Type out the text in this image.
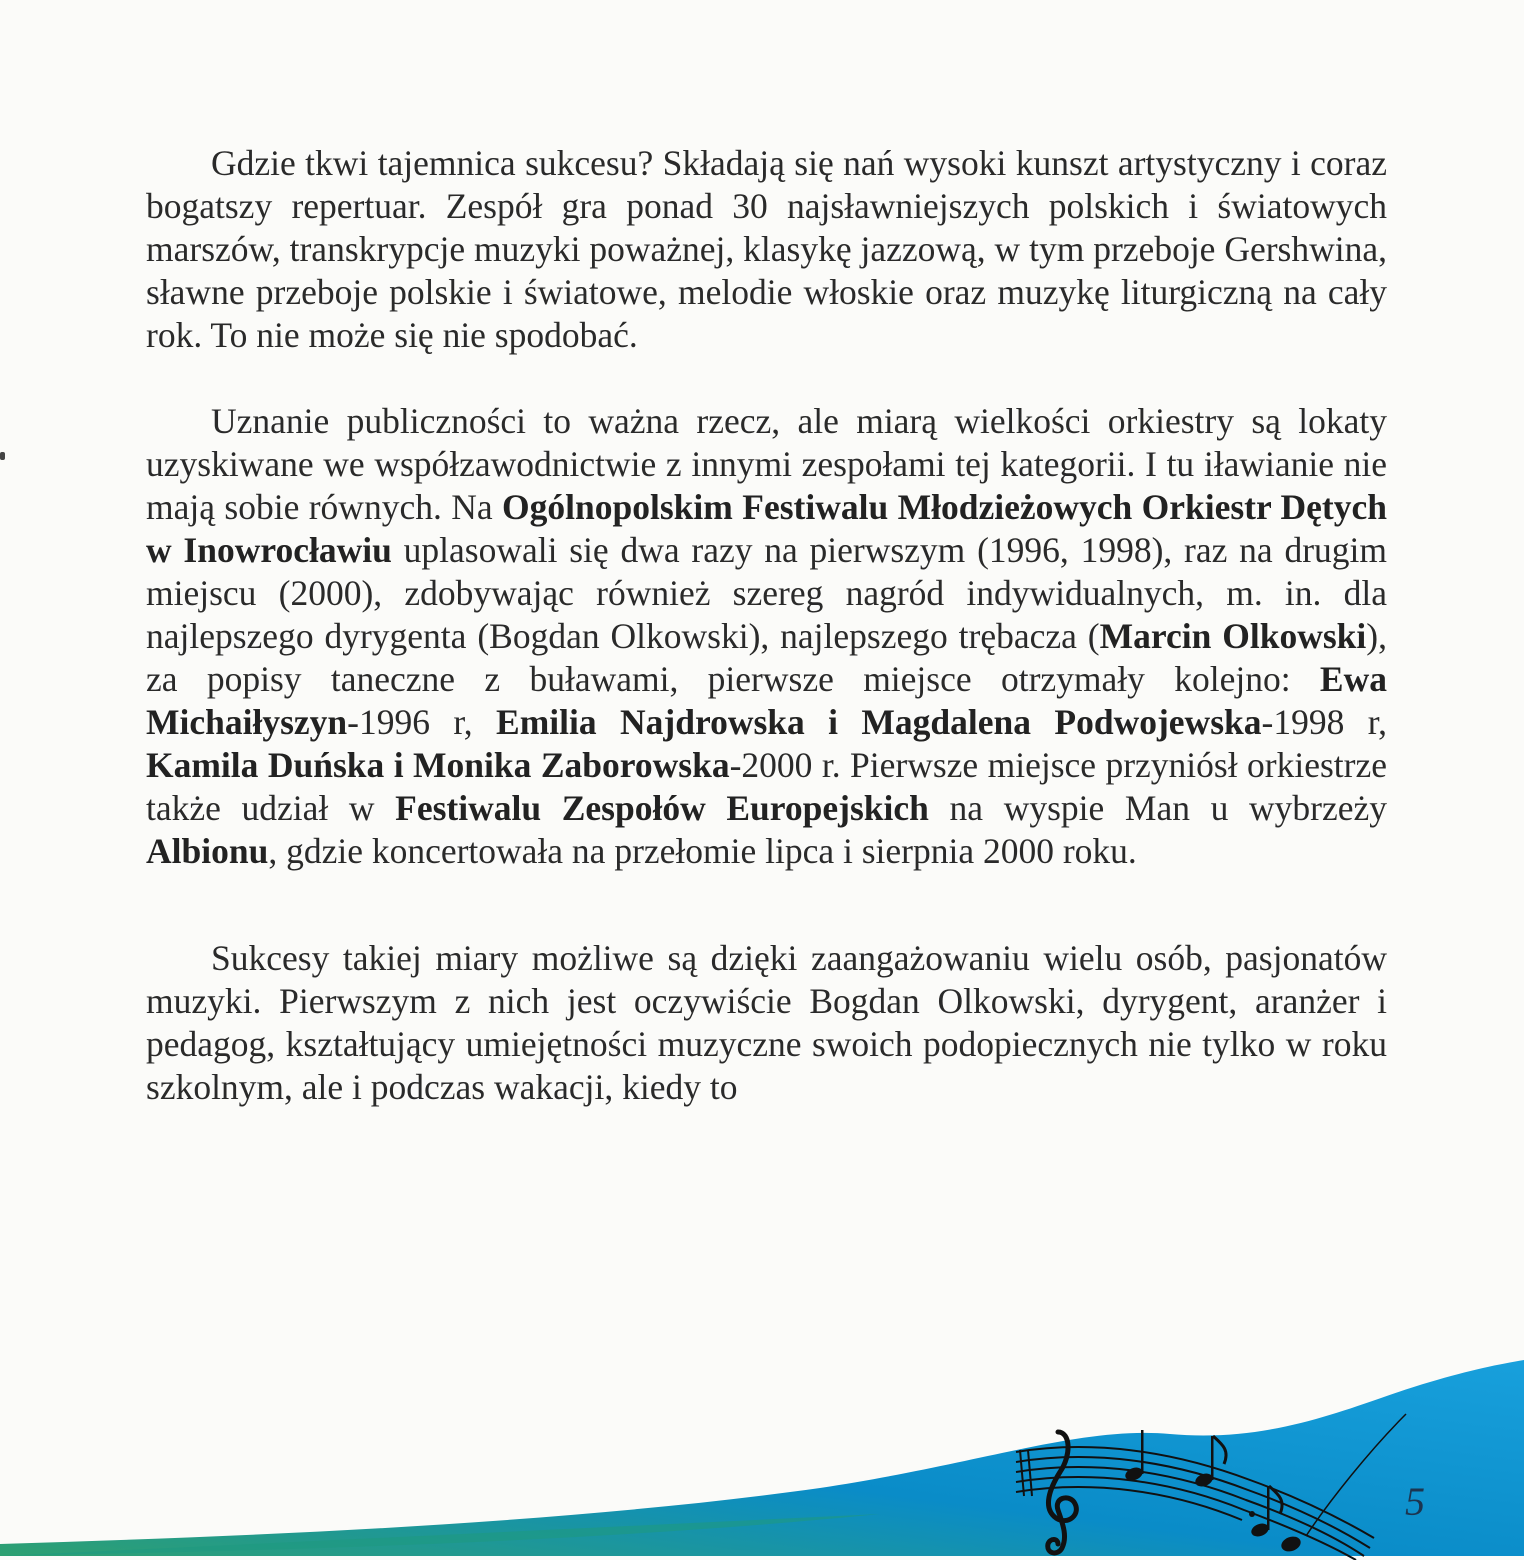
Gdzie tkwi tajemnica sukcesu? Składają się nań wysoki kunszt artystyczny i coraz bogatszy repertuar. Zespół gra ponad 30 najsławniejszych polskich i światowych marszów, transkrypcje muzyki poważnej, klasykę jazzową, w tym przeboje Gershwina, sławne przeboje polskie i światowe, melodie włoskie oraz muzykę liturgiczną na cały rok. To nie może się nie spodobać.

Uznanie publiczności to ważna rzecz, ale miarą wielkości orkiestry są lokaty uzyskiwane we współzawodnictwie z innymi zespołami tej kategorii. I tu iławianie nie mają sobie równych. Na Ogólnopolskim Festiwalu Młodzieżowych Orkiestr Dętych w Inowrocławiu uplasowali się dwa razy na pierwszym (1996, 1998), raz na drugim miejscu (2000), zdobywając również szereg nagród indywidualnych, m. in. dla najlepszego dyrygenta (Bogdan Olkowski), najlepszego trębacza (Marcin Olkowski), za popisy taneczne z buławami, pierwsze miejsce otrzymały kolejno: Ewa Michaiłyszyn-1996 r, Emilia Najdrowska i Magdalena Podwojewska-1998 r, Kamila Duńska i Monika Zaborowska-2000 r. Pierwsze miejsce przyniósł orkiestrze także udział w Festiwalu Zespołów Europejskich na wyspie Man u wybrzeży Albionu, gdzie koncertowała na przełomie lipca i sierpnia 2000 roku.

Sukcesy takiej miary możliwe są dzięki zaangażowaniu wielu osób, pasjonatów muzyki. Pierwszym z nich jest oczywiście Bogdan Olkowski, dyrygent, aranżer i pedagog, kształtujący umiejętności muzyczne swoich podopiecznych nie tylko w roku szkolnym, ale i podczas wakacji, kiedy to

5
